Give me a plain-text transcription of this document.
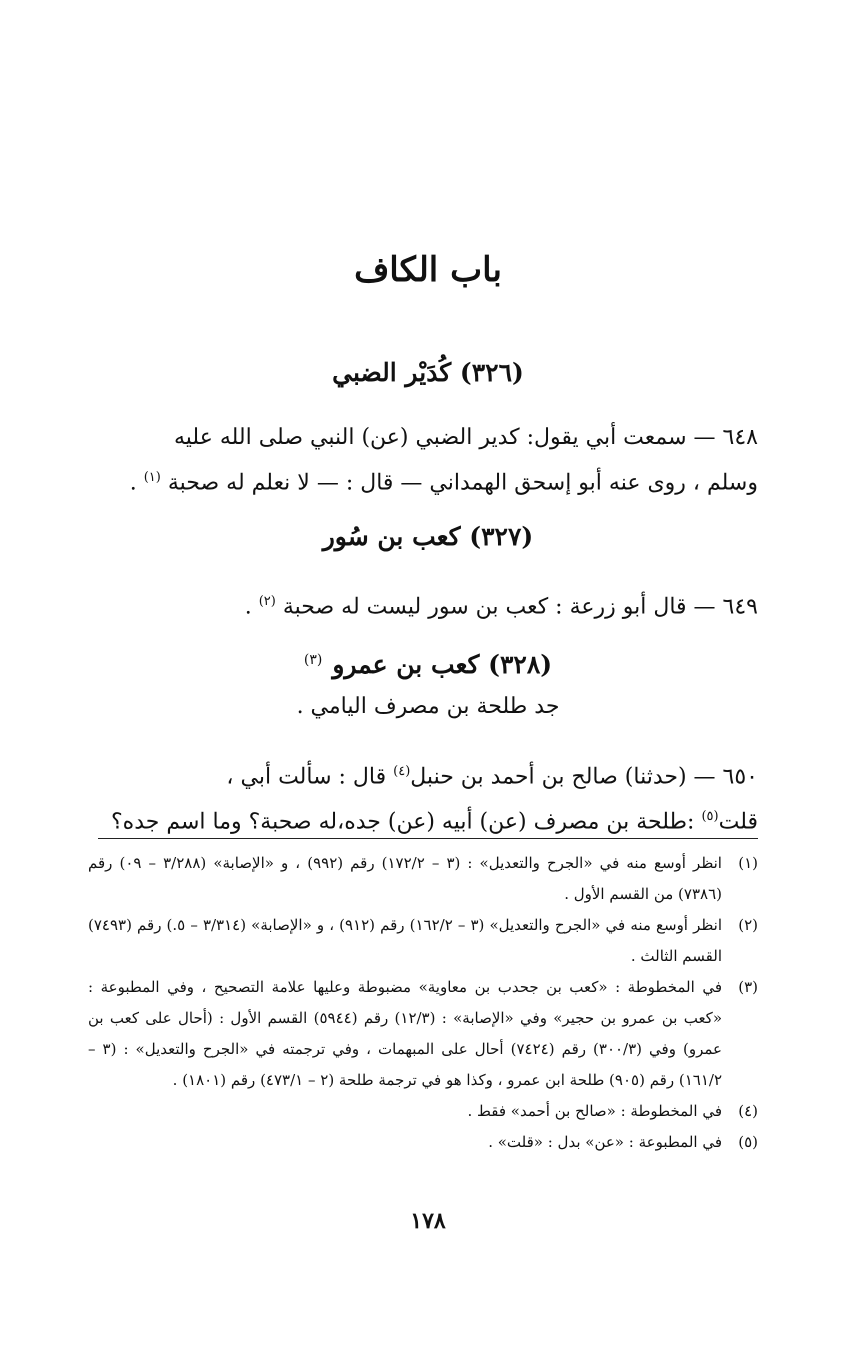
باب الكاف
(٣٢٦) كُدَيْر الضبي

٦٤٨ — سمعت أبي يقول: كدير الضبي (عن) النبي صلى الله عليه
وسلم ، روى عنه أبو إسحق الهمداني — قال : — لا نعلم له صحبة $^{(١)}$ .

(٣٢٧) كعب بن سُور

٦٤٩ — قال أبو زرعة : كعب بن سور ليست له صحبة $^{(٢)}$ .

(٣٢٨) كعب بن عمرو$^{(٣)}$

جد طلحة بن مصرف اليامي .

٦٥٠ — (حدثنا) صالح بن أحمد بن حنبل$^{(٤)}$ قال : سألت أبي ،
قلت$^{(٥)}$ :طلحة بن مصرف (عن) أبيه (عن) جده،له صحبة؟ وما اسم جده؟

(١)
انظر أوسع منه في «الجرح والتعديل» : (٣ – ١٧٢/٢) رقم (٩٩٢) ، و «الإصابة» (٣/٢٨٨ – ٠٩) رقم (٧٣٨٦) من القسم الأول .
(٢)
انظر أوسع منه في «الجرح والتعديل» (٣ – ١٦٢/٢) رقم (٩١٢) ، و «الإصابة» (٣/٣١٤ – ٥.) رقم (٧٤٩٣) القسم الثالث .
(٣)
في المخطوطة : «كعب بن جحدب بن معاوية» مضبوطة وعليها علامة التصحيح ، وفي المطبوعة : «كعب بن عمرو بن حجير» وفي «الإصابة» : (١٢/٣) رقم (٥٩٤٤) القسم الأول : (أحال على كعب بن عمرو) وفي (٣٠٠/٣) رقم (٧٤٢٤) أحال على المبهمات ، وفي ترجمته في «الجرح والتعديل» : (٣ – ١٦١/٢) رقم (٩٠٥) طلحة ابن عمرو ، وكذا هو في ترجمة طلحة (٢ – ٤٧٣/١) رقم (١٨٠١) .
(٤)
في المخطوطة : «صالح بن أحمد» فقط .
(٥)
في المطبوعة : «عن» بدل : «قلت» .
١٧٨
